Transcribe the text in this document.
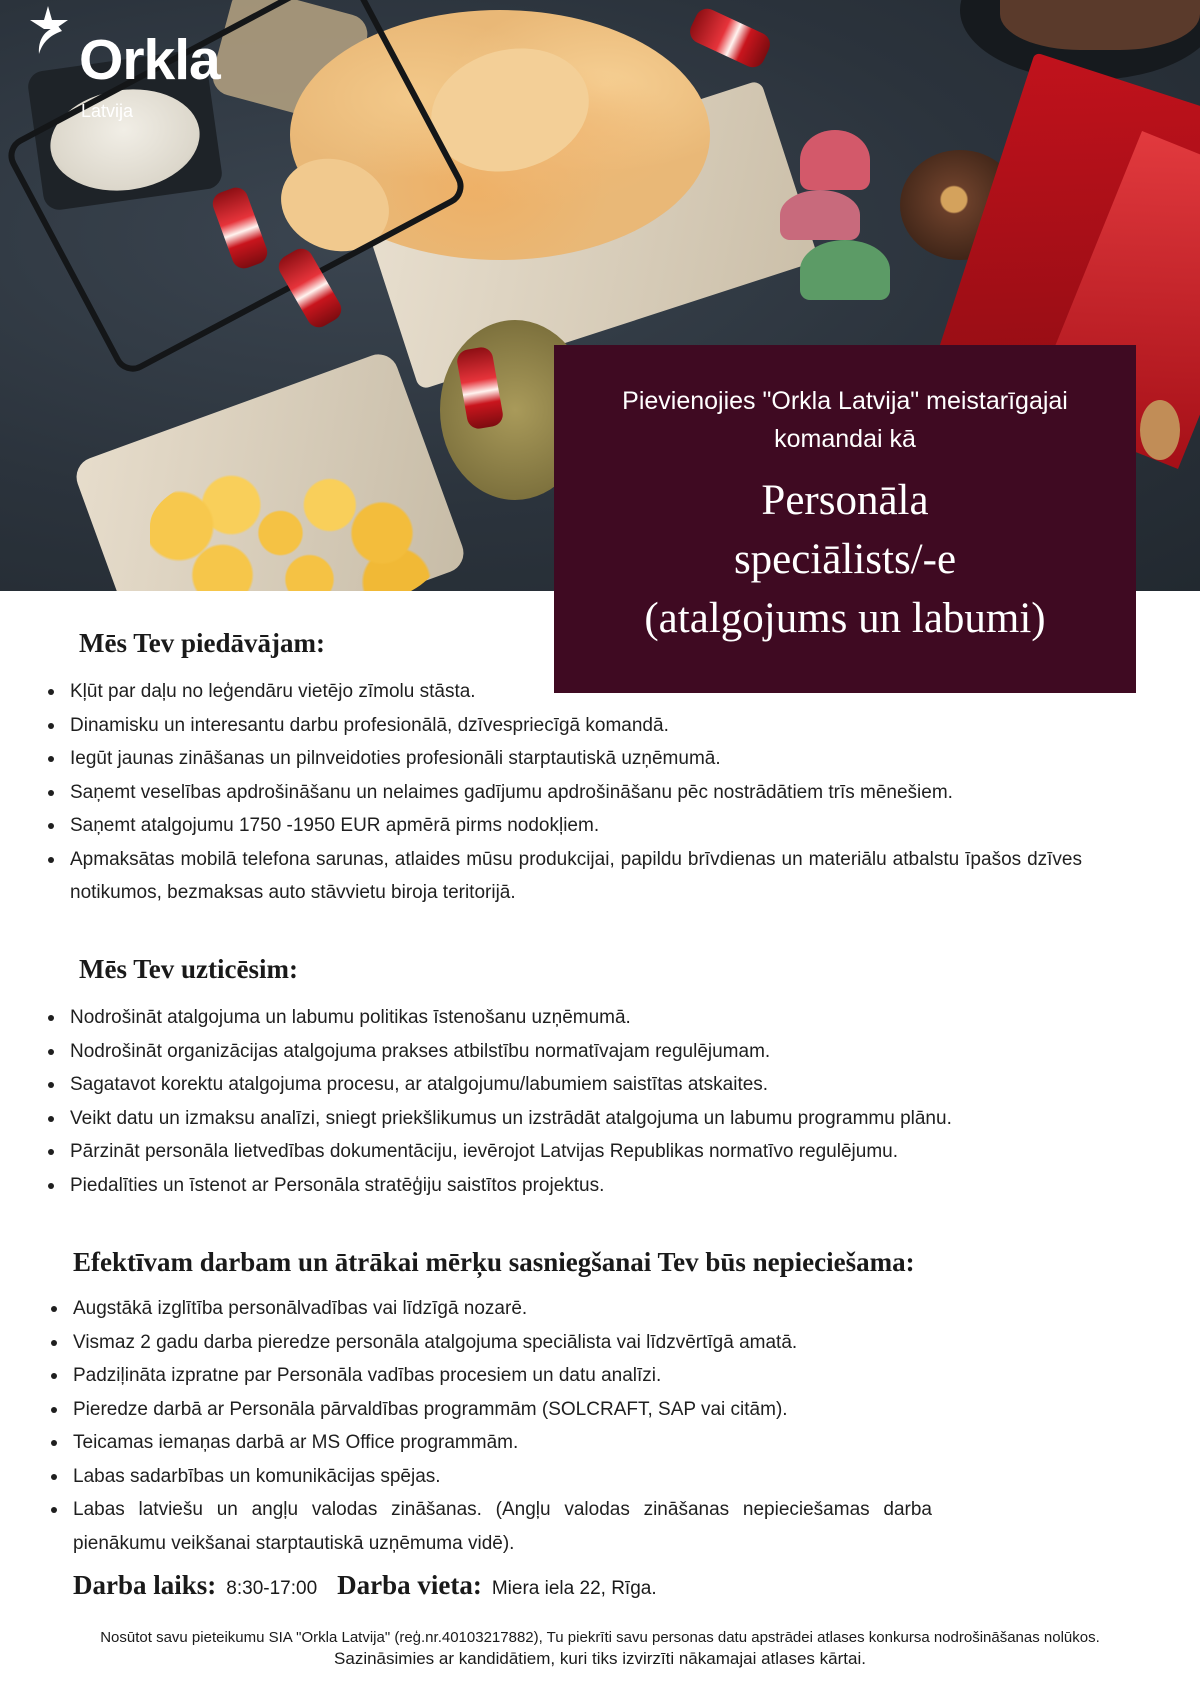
Orkla
Latvija
Pievienojies "Orkla Latvija" meistarīgajai
komandai kā
Personāla
speciālists/-e
(atalgojums un labumi)
Mēs Tev piedāvājam:
Kļūt par daļu no leģendāru vietējo zīmolu stāsta.
Dinamisku un interesantu darbu profesionālā, dzīvespriecīgā komandā.
Iegūt jaunas zināšanas un pilnveidoties profesionāli starptautiskā uzņēmumā.
Saņemt veselības apdrošināšanu un nelaimes gadījumu apdrošināšanu pēc nostrādātiem trīs mēnešiem.
Saņemt atalgojumu 1750 -1950 EUR apmērā pirms nodokļiem.
Apmaksātas mobilā telefona sarunas, atlaides mūsu produkcijai, papildu brīvdienas un materiālu atbalstu īpašos dzīves notikumos, bezmaksas auto stāvvietu biroja teritorijā.
Mēs Tev uzticēsim:
Nodrošināt atalgojuma un labumu politikas īstenošanu uzņēmumā.
Nodrošināt organizācijas atalgojuma prakses atbilstību normatīvajam regulējumam.
Sagatavot korektu atalgojuma procesu, ar atalgojumu/labumiem saistītas atskaites.
Veikt datu un izmaksu analīzi, sniegt priekšlikumus un izstrādāt atalgojuma un labumu programmu plānu.
Pārzināt personāla lietvedības dokumentāciju, ievērojot Latvijas Republikas normatīvo regulējumu.
Piedalīties un īstenot ar Personāla stratēģiju saistītos projektus.
Efektīvam darbam un ātrākai mērķu sasniegšanai Tev būs nepieciešama:
Augstākā izglītība personālvadības vai līdzīgā nozarē.
Vismaz 2 gadu darba pieredze personāla atalgojuma speciālista vai līdzvērtīgā amatā.
Padziļināta izpratne par Personāla vadības procesiem un datu analīzi.
Pieredze darbā ar Personāla pārvaldības programmām (SOLCRAFT, SAP vai citām).
Teicamas iemaņas darbā ar MS Office programmām.
Labas sadarbības un komunikācijas spējas.
Labas latviešu un angļu valodas zināšanas. (Angļu valodas zināšanas nepieciešamas darba pienākumu veikšanai starptautiskā uzņēmuma vidē).
Darba laiks: 8:30-17:00 Darba vieta: Miera iela 22, Rīga.
Nosūtot savu pieteikumu SIA "Orkla Latvija" (reģ.nr.40103217882), Tu piekrīti savu personas datu apstrādei atlases konkursa nodrošināšanas nolūkos.
Sazināsimies ar kandidātiem, kuri tiks izvirzīti nākamajai atlases kārtai.
